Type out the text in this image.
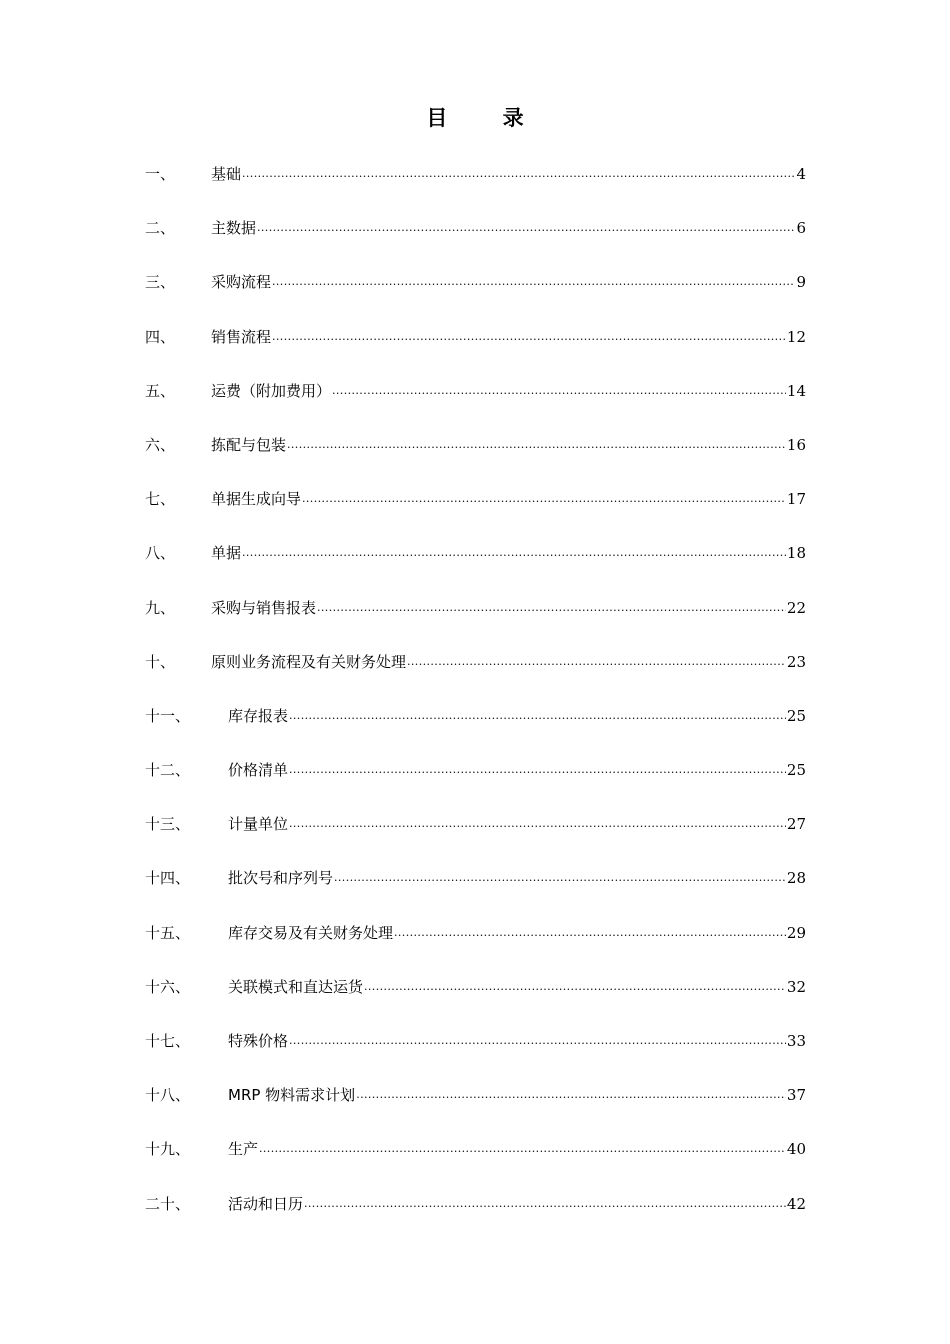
目 录
一、	基础 .....	4
二、	主数据 .....	6
三、	采购流程 .....	9
四、	销售流程 .....	12
五、	运费（附加费用） .....	14
六、	拣配与包装 .....	16
七、	单据生成向导 .....	17
八、	单据 .....	18
九、	采购与销售报表 .....	22
十、	原则业务流程及有关财务处理 .....	23
十一、	库存报表 .....	25
十二、	价格清单 .....	25
十三、	计量单位 .....	27
十四、	批次号和序列号 .....	28
十五、	库存交易及有关财务处理 .....	29
十六、	关联模式和直达运货 .....	32
十七、	特殊价格 .....	33
十八、	MRP 物料需求计划 .....	37
十九、	生产 .....	40
二十、	活动和日历 .....	42
